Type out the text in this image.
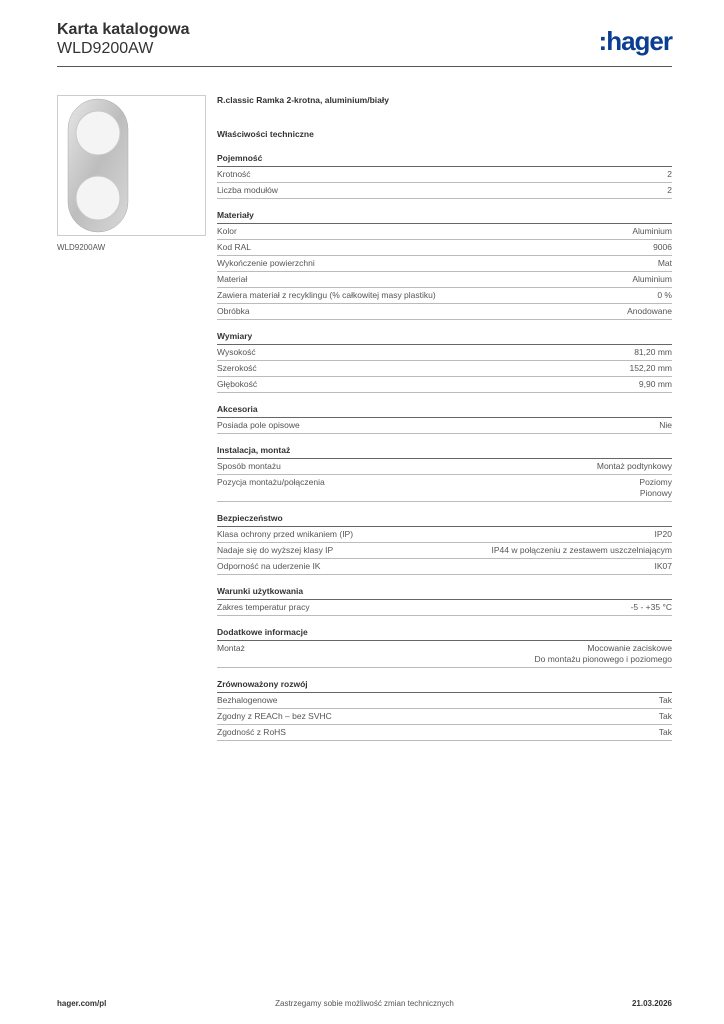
Karta katalogowa
WLD9200AW	:hager
WLD9200AW
R.classic Ramka 2-krotna, aluminium/biały
Właściwości techniczne
Pojemność
Krotność	2
Liczba modułów	2
Materiały
Kolor	Aluminium
Kod RAL	9006
Wykończenie powierzchni	Mat
Materiał	Aluminium
Zawiera materiał z recyklingu (% całkowitej masy plastiku)	0 %
Obróbka	Anodowane
Wymiary
Wysokość	81,20 mm
Szerokość	152,20 mm
Głębokość	9,90 mm
Akcesoria
Posiada pole opisowe	Nie
Instalacja, montaż
Sposób montażu	Montaż podtynkowy
Pozycja montażu/połączenia	Poziomy
Pionowy
Bezpieczeństwo
Klasa ochrony przed wnikaniem (IP)	IP20
Nadaje się do wyższej klasy IP	IP44 w połączeniu z zestawem uszczelniającym
Odporność na uderzenie IK	IK07
Warunki użytkowania
Zakres temperatur pracy	-5 - +35 °C
Dodatkowe informacje
Montaż	Mocowanie zaciskowe
Do montażu pionowego i poziomego
Zrównoważony rozwój
Bezhalogenowe	Tak
Zgodny z REACh – bez SVHC	Tak
Zgodność z RoHS	Tak
hager.com/pl	Zastrzegamy sobie możliwość zmian technicznych	21.03.2026
